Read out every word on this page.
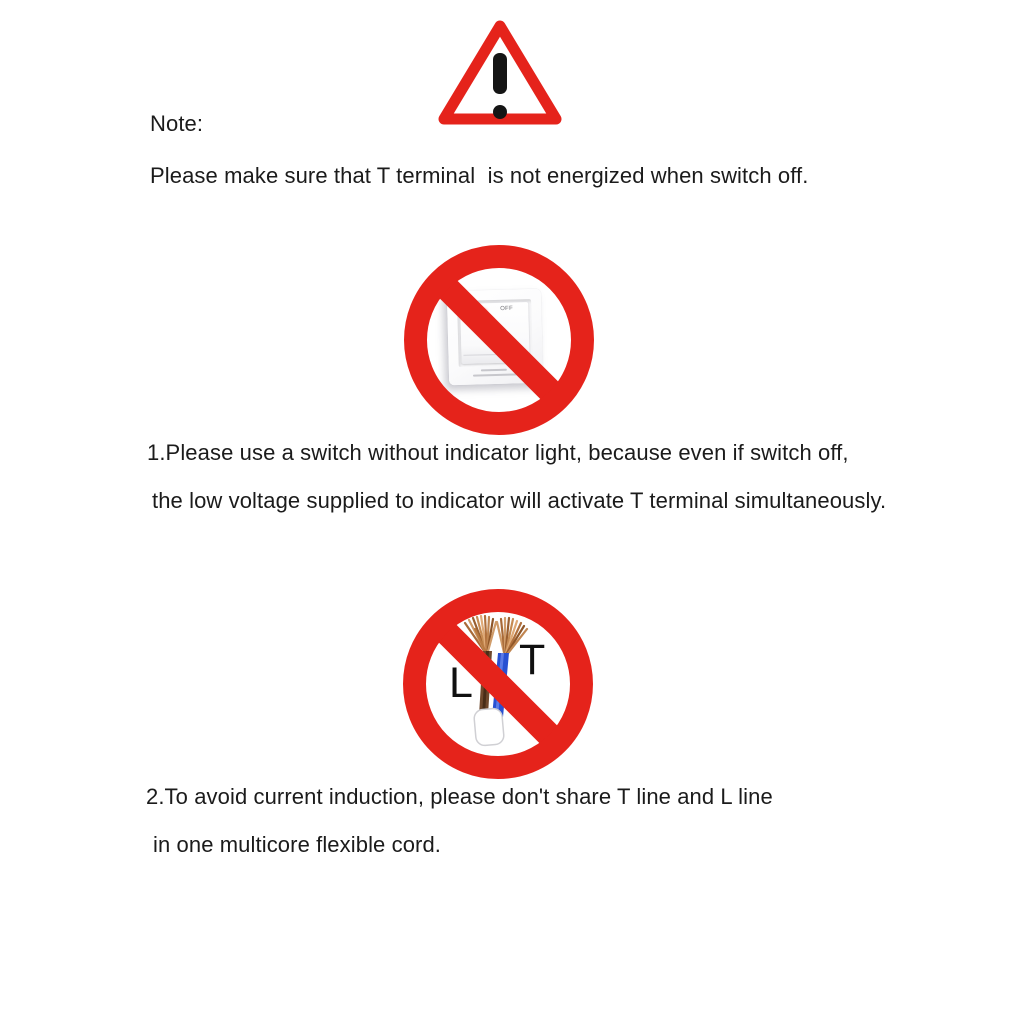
Note:
Please make sure that T terminal  is not energized when switch off.
OFF
1.Please use a switch without indicator light, because even if switch off,
the low voltage supplied to indicator will activate T terminal simultaneously.
L T
2.To avoid current induction, please don't share T line and L line
in one multicore flexible cord.
